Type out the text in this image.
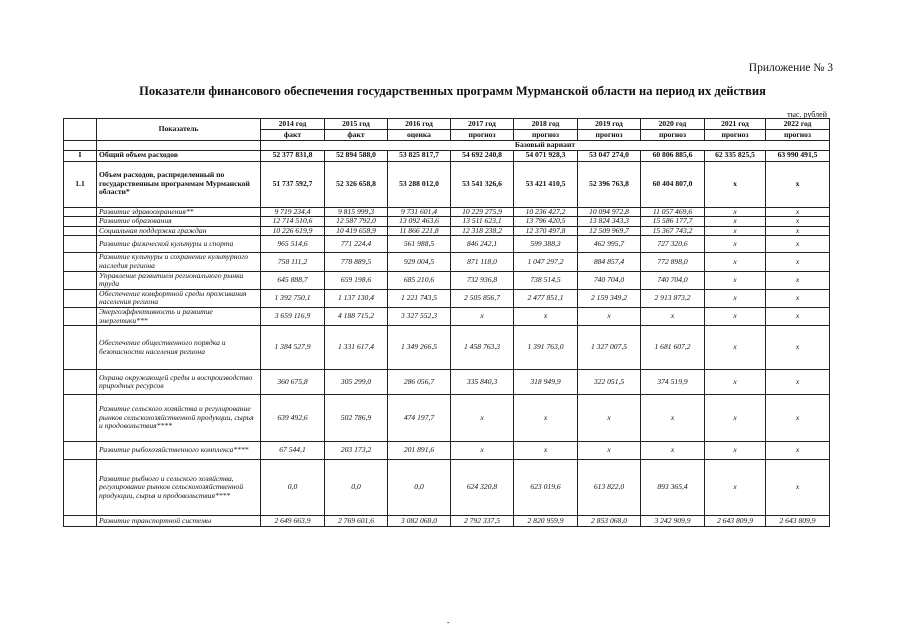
Приложение № 3
Показатели финансового обеспечения государственных программ Мурманской области на период их действия
тыс. рублей
	Показатель	2014 год	2015 год	2016 год	2017 год	2018 год	2019 год	2020 год	2021 год	2022 год
		факт	факт	оценка	прогноз	прогноз	прогноз	прогноз	прогноз	прогноз
		Базовый вариант								
I	Общий объем расходов	52 377 831,8	52 894 588,0	53 825 817,7	54 692 240,8	54 071 928,3	53 047 274,0	60 806 885,6	62 335 825,5	63 990 491,5
1.1	Объем расходов, распределенный по государственным программам Мурманской области*	51 737 592,7	52 326 658,8	53 288 012,0	53 541 326,6	53 421 410,5	52 396 763,8	60 404 807,0	х	х
	Развитие здравоохранения**	9 719 234,4	9 815 999,3	9 731 601,4	10 229 275,9	10 236 427,2	10 094 972,8	11 057 469,6	х	х
	Развитие образования	12 714 510,6	12 587 792,0	13 092 463,6	13 511 623,1	13 796 420,5	13 824 343,3	15 586 177,7	х	х
	Социальная поддержка граждан	10 226 619,9	10 419 658,9	11 866 221,8	12 318 238,2	12 370 497,8	12 509 969,7	15 367 743,2	х	х
	Развитие физической культуры и спорта	965 514,6	771 224,4	561 988,5	846 242,1	599 388,3	462 995,7	727 320,6	х	х
	Развитие культуры и сохранение культурного наследия региона	758 111,2	778 889,5	929 004,5	871 118,0	1 047 297,2	884 857,4	772 898,0	х	х
	Управление развитием регионального рынка труда	645 888,7	659 198,6	685 210,6	732 936,8	738 514,5	740 704,0	740 704,0	х	х
	Обеспечение комфортной среды проживания населения региона	1 392 750,1	1 137 130,4	1 221 743,5	2 505 856,7	2 477 851,1	2 159 349,2	2 913 873,2	х	х
	Энергоэффективность и развитие энергетики***	3 659 116,9	4 188 715,2	3 327 552,3	х	х	х	х	х	х
	Обеспечение общественного порядка и безопасности населения региона	1 384 527,9	1 331 617,4	1 349 266,5	1 458 763,3	1 391 763,0	1 327 007,5	1 681 607,2	х	х
	Охрана окружающей среды и воспроизводство природных ресурсов	360 675,8	305 299,0	286 056,7	335 840,3	318 949,9	322 051,5	374 519,9	х	х
	Развитие сельского хозяйства и регулирование рынков сельскохозяйственной продукции, сырья и продовольствия****	639 492,6	502 786,9	474 197,7	х	х	х	х	х	х
	Развитие рыбохозяйственного комплекса****	67 544,1	203 173,2	201 891,6	х	х	х	х	х	х
	Развитие рыбного и сельского хозяйства, регулирование рынков сельскохозяйственной продукции, сырья и продовольствия****	0,0	0,0	0,0	624 320,8	623 019,6	613 822,0	893 365,4	х	х
	Развитие транспортной системы	2 649 663,9	2 769 601,6	3 082 068,0	2 792 337,5	2 820 959,9	2 853 068,0	3 242 909,9	2 643 809,9	2 643 809,9
-
